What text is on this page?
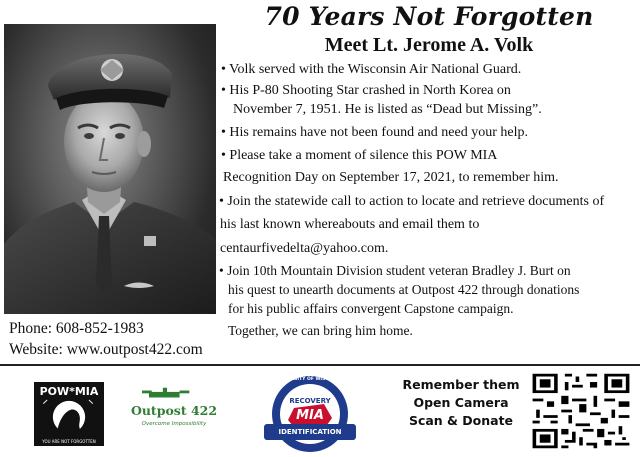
70 Years Not Forgotten
Meet Lt. Jerome A. Volk
• Volk served with the Wisconsin Air National Guard.
• His P-80 Shooting Star crashed in North Korea on
November 7, 1951. He is listed as “Dead but Missing”.
• His remains have not been found and need your help.
• Please take a moment of silence this POW MIA
Recognition Day on September 17, 2021, to remember him.
• Join the statewide call to action to locate and retrieve documents of
his last known whereabouts and email them to
centaurfivedelta@yahoo.com.
• Join 10th Mountain Division student veteran Bradley J. Burt on
his quest to unearth documents at Outpost 422 through donations
for his public affairs convergent Capstone campaign.
Together, we can bring him home.
Phone: 608-852-1983
Website: www.outpost422.com
POW*MIA
YOU ARE NOT FORGOTTEN
Outpost 422
Overcome Impossibility
UNIVERSITY OF WISCONSIN
RECOVERY
MIA
IDENTIFICATION
Remember them
Open Camera
Scan & Donate
